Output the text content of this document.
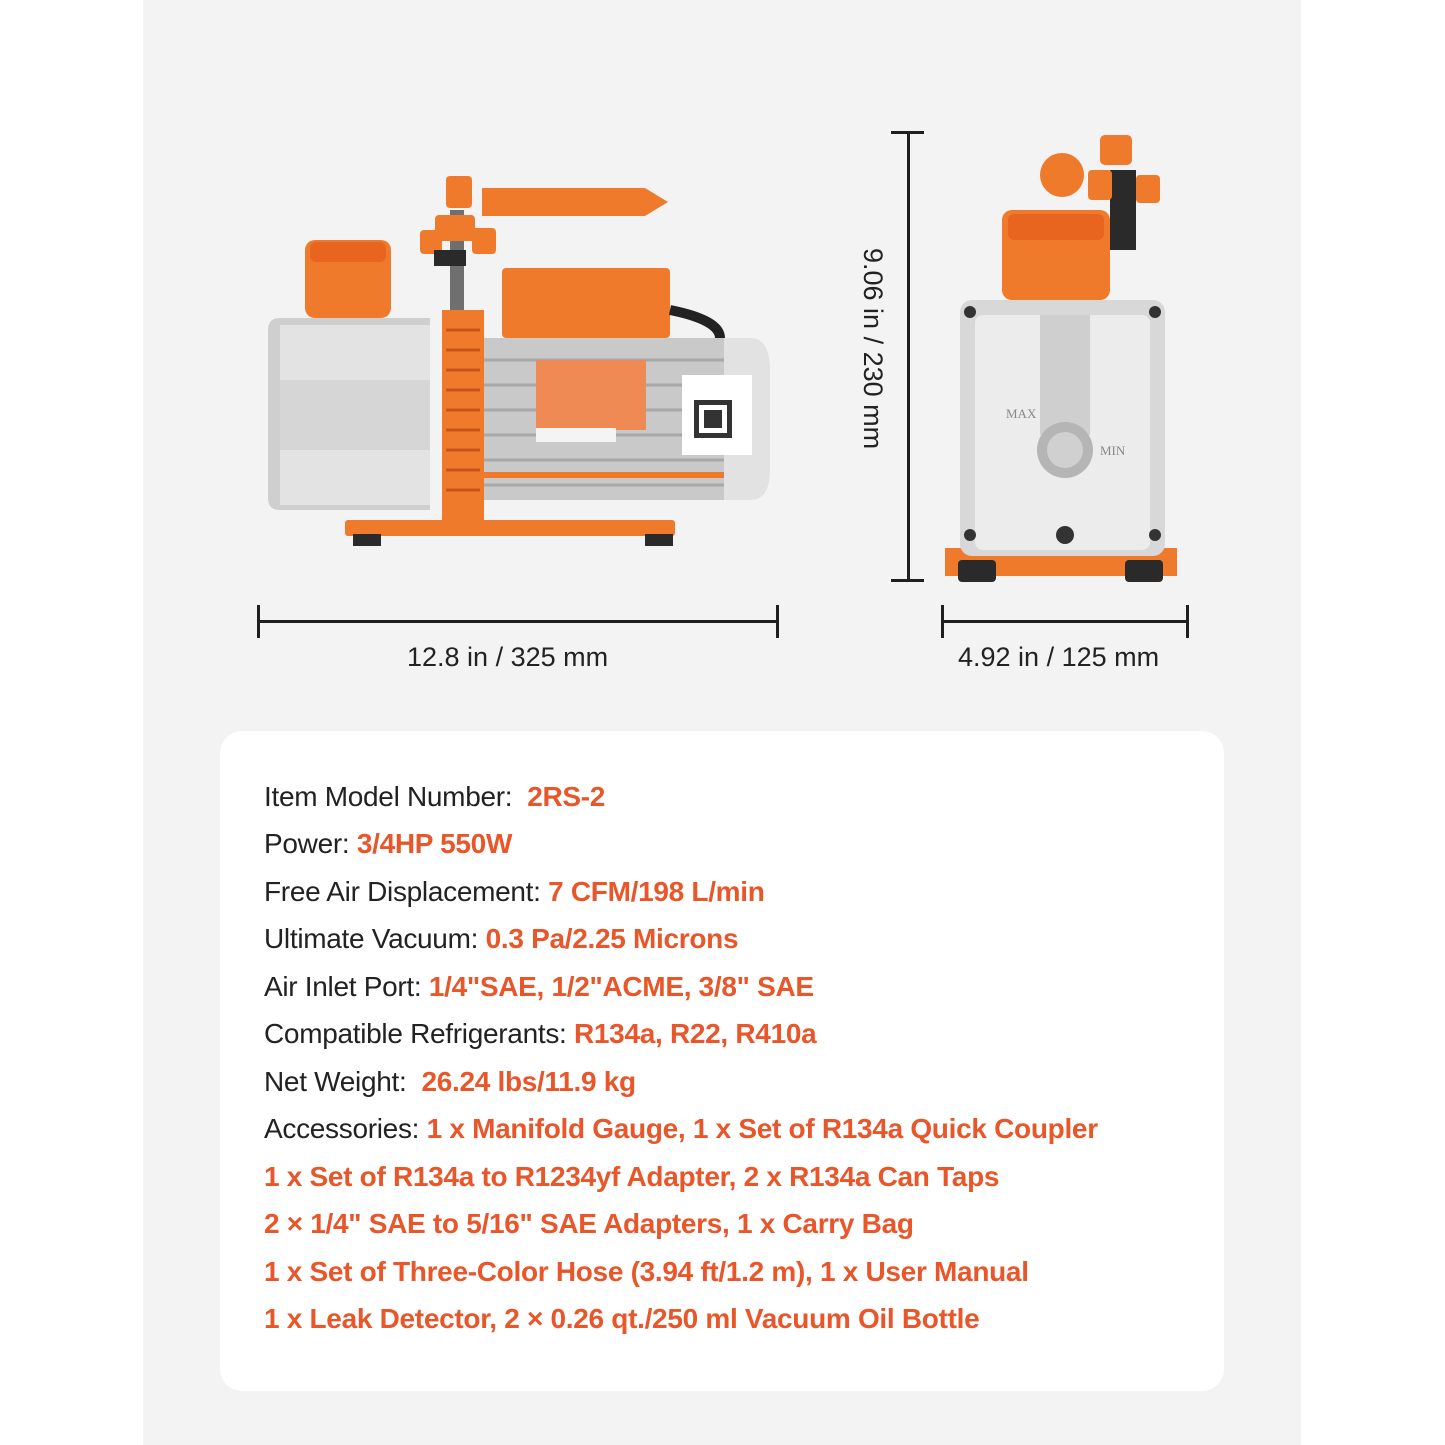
MAX
MIN
12.8 in / 325 mm	4.92 in / 125 mm
9.06 in / 230 mm
Item Model Number: 2RS-2
Power: 3/4HP 550W
Free Air Displacement: 7 CFM/198 L/min
Ultimate Vacuum: 0.3 Pa/2.25 Microns
Air Inlet Port: 1/4"SAE, 1/2"ACME, 3/8" SAE
Compatible Refrigerants: R134a, R22, R410a
Net Weight: 26.24 lbs/11.9 kg
Accessories: 1 x Manifold Gauge, 1 x Set of R134a Quick Coupler
1 x Set of R134a to R1234yf Adapter, 2 x R134a Can Taps
2 × 1/4" SAE to 5/16" SAE Adapters, 1 x Carry Bag
1 x Set of Three-Color Hose (3.94 ft/1.2 m), 1 x User Manual
1 x Leak Detector, 2 × 0.26 qt./250 ml Vacuum Oil Bottle
